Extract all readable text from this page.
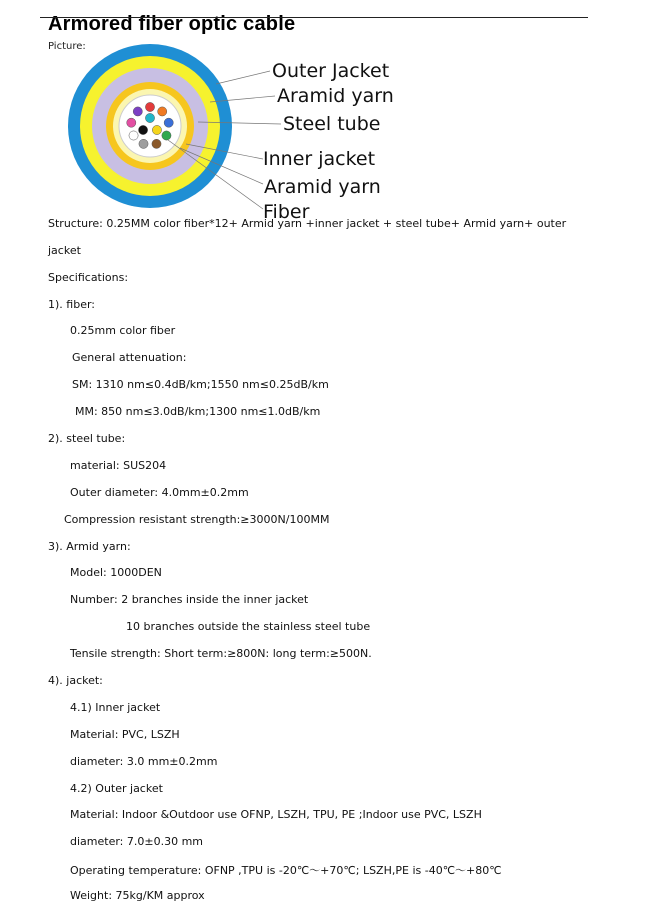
Armored fiber optic cable
Picture:
Outer Jacket
Aramid yarn
Steel tube
Inner jacket
Aramid yarn
Fiber
Structure: 0.25MM color fiber*12+ Armid yarn +inner jacket + steel tube+ Armid yarn+ outer
jacket
Specifications:
1). fiber:
0.25mm color fiber
General attenuation:
SM: 1310 nm≤0.4dB/km;1550 nm≤0.25dB/km
MM: 850 nm≤3.0dB/km;1300 nm≤1.0dB/km
2). steel tube:
material: SUS204
Outer diameter: 4.0mm±0.2mm
Compression resistant strength:≥3000N/100MM
3). Armid yarn:
Model: 1000DEN
Number: 2 branches inside the inner jacket
10 branches outside the stainless steel tube
Tensile strength: Short term:≥800N: long term:≥500N.
4). jacket:
4.1) Inner jacket
Material: PVC, LSZH
diameter: 3.0 mm±0.2mm
4.2) Outer jacket
Material: Indoor &Outdoor use OFNP, LSZH, TPU, PE ;Indoor use PVC, LSZH
diameter: 7.0±0.30 mm
Operating temperature: OFNP ,TPU is -20℃～+70℃; LSZH,PE is -40℃～+80℃
Weight: 75kg/KM approx
